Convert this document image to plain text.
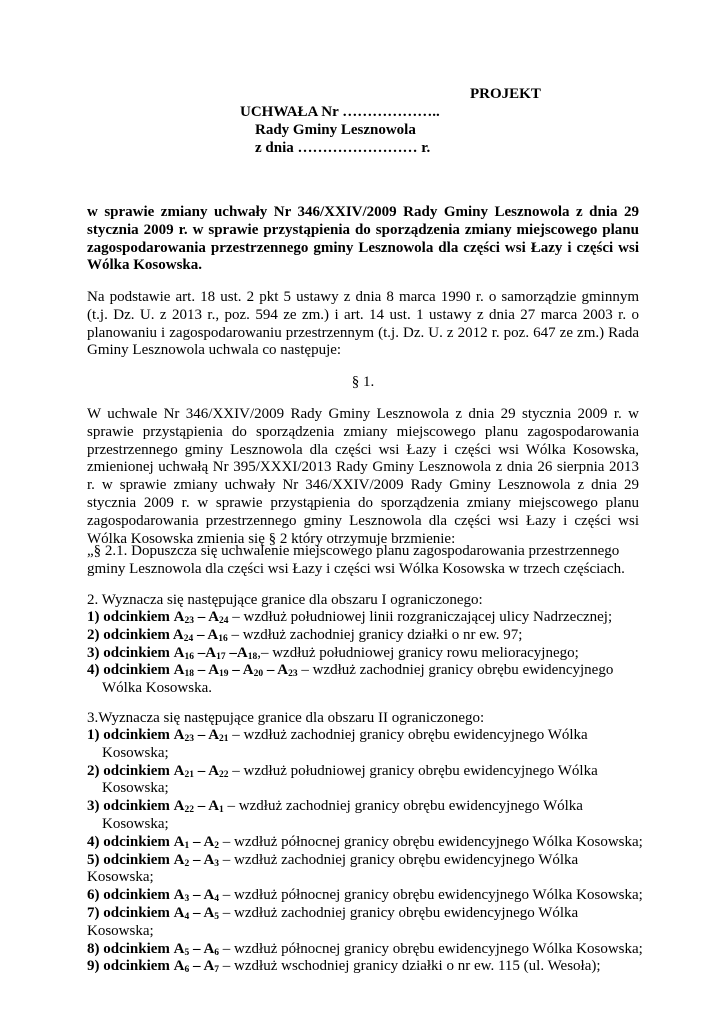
PROJEKT
UCHWAŁA Nr ………………..
Rady Gminy Lesznowola
z dnia …………………… r.
w sprawie zmiany uchwały Nr 346/XXIV/2009 Rady Gminy Lesznowola z dnia 29 stycznia 2009 r. w sprawie przystąpienia do sporządzenia zmiany miejscowego planu zagospodarowania przestrzennego gminy Lesznowola dla części wsi Łazy i części wsi Wólka Kosowska.
Na podstawie art. 18 ust. 2 pkt 5 ustawy z dnia 8 marca 1990 r. o samorządzie gminnym (t.j. Dz. U. z 2013 r., poz. 594 ze zm.) i art. 14 ust. 1 ustawy z dnia 27 marca 2003 r. o planowaniu i zagospodarowaniu przestrzennym (t.j. Dz. U. z 2012 r. poz. 647 ze zm.) Rada Gminy Lesznowola uchwala co następuje:
§ 1.
W uchwale Nr 346/XXIV/2009 Rady Gminy Lesznowola z dnia 29 stycznia 2009 r. w sprawie przystąpienia do sporządzenia zmiany miejscowego planu zagospodarowania przestrzennego gminy Lesznowola dla części wsi Łazy i części wsi Wólka Kosowska, zmienionej uchwałą Nr 395/XXXI/2013 Rady Gminy Lesznowola z dnia 26 sierpnia 2013 r. w sprawie zmiany uchwały Nr 346/XXIV/2009 Rady Gminy Lesznowola z dnia 29 stycznia 2009 r. w sprawie przystąpienia do sporządzenia zmiany miejscowego planu zagospodarowania przestrzennego gminy Lesznowola dla części wsi Łazy i części wsi Wólka Kosowska zmienia się § 2 który otrzymuje brzmienie:
„§ 2.1. Dopuszcza się uchwalenie miejscowego planu zagospodarowania przestrzennego gminy Lesznowola dla części wsi Łazy i części wsi Wólka Kosowska w trzech częściach.
2. Wyznacza się następujące granice dla obszaru I ograniczonego:
1) odcinkiem $A_{23} - A_{24}$ – wzdłuż południowej linii rozgraniczającej ulicy Nadrzecznej;
2) odcinkiem $A_{24} - A_{16}$ – wzdłuż zachodniej granicy działki o nr ew. 97;
3) odcinkiem $A_{16}$ $-A_{17}$ $-A_{18},-$ wzdłuż południowej granicy rowu melioracyjnego;
4) odcinkiem $A_{18} - A_{19} - A_{20} - A_{23}$ – wzdłuż zachodniej granicy obrębu ewidencyjnego
Wólka Kosowska.
3.Wyznacza się następujące granice dla obszaru II ograniczonego:
1) odcinkiem $A_{23} - A_{21}$ – wzdłuż zachodniej granicy obrębu ewidencyjnego Wólka
Kosowska;
2) odcinkiem $A_{21} - A_{22}$ – wzdłuż południowej granicy obrębu ewidencyjnego Wólka
Kosowska;
3) odcinkiem $A_{22} - A_1$ – wzdłuż zachodniej granicy obrębu ewidencyjnego Wólka
Kosowska;
4) odcinkiem $A_1 - A_2$ – wzdłuż północnej granicy obrębu ewidencyjnego Wólka Kosowska;
5) odcinkiem $A_2 - A_3$ – wzdłuż zachodniej granicy obrębu ewidencyjnego Wólka Kosowska;
6) odcinkiem $A_3 - A_4$ – wzdłuż północnej granicy obrębu ewidencyjnego Wólka Kosowska;
7) odcinkiem $A_4 - A_5$ – wzdłuż zachodniej granicy obrębu ewidencyjnego Wólka Kosowska;
8) odcinkiem $A_5 - A_6$ – wzdłuż północnej granicy obrębu ewidencyjnego Wólka Kosowska;
9) odcinkiem $A_6 - A_7$ – wzdłuż wschodniej granicy działki o nr ew. 115 (ul. Wesoła);
